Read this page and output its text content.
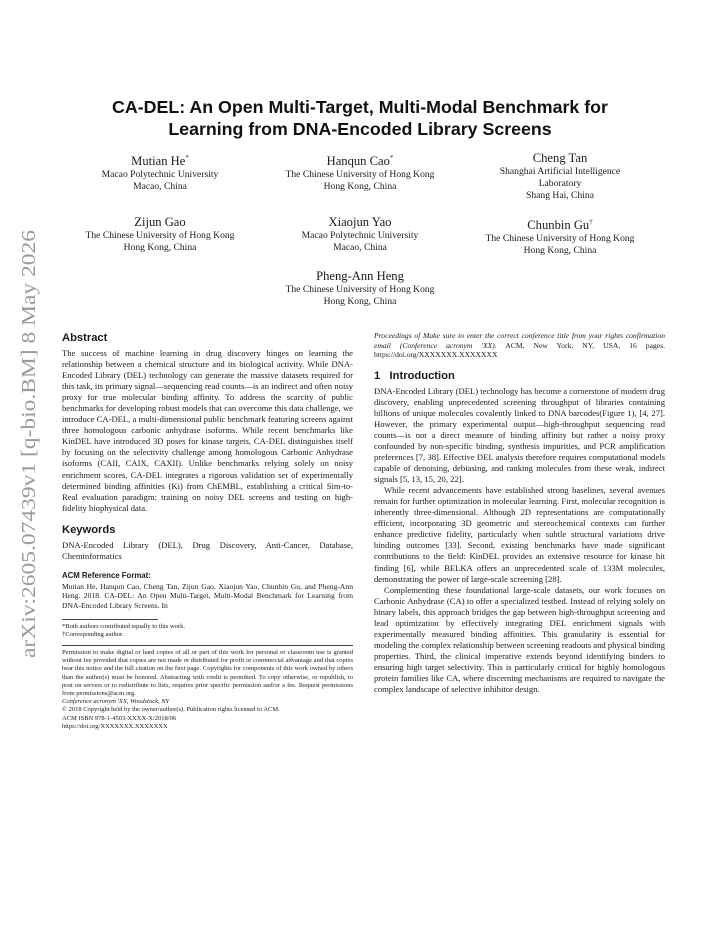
arXiv:2605.07439v1 [q-bio.BM] 8 May 2026
CA-DEL: An Open Multi-Target, Multi-Modal Benchmark for
Learning from DNA-Encoded Library Screens
Mutian He*
Macao Polytechnic University
Macao, China
Hanqun Cao*
The Chinese University of Hong Kong
Hong Kong, China
Cheng Tan
Shanghai Artificial Intelligence
Laboratory
Shang Hai, China
Zijun Gao
The Chinese University of Hong Kong
Hong Kong, China
Xiaojun Yao
Macao Polytechnic University
Macao, China
Chunbin Gu†
The Chinese University of Hong Kong
Hong Kong, China
Pheng-Ann Heng
The Chinese University of Hong Kong
Hong Kong, China
Abstract

The success of machine learning in drug discovery hinges on learning the relationship between a chemical structure and its biological activity. While DNA-Encoded Library (DEL) technology can generate the massive datasets required for this task, its primary signal—sequencing read counts—is an indirect and often noisy proxy for true molecular binding affinity. To address the scarcity of public benchmarks for developing robust models that can overcome this data challenge, we introduce CA-DEL, a multi-dimensional public benchmark featuring screens against three homologous carbonic anhydrase isoforms. While recent benchmarks like KinDEL have introduced 3D poses for kinase targets, CA-DEL distinguishes itself by focusing on the selectivity challenge among homologous Carbonic Anhydrase isoforms (CAII, CAIX, CAXII). Unlike benchmarks relying solely on noisy enrichment scores, CA-DEL integrates a rigorous validation set of experimentally determined binding affinities (Ki) from ChEMBL, establishing a critical Sim-to-Real evaluation paradigm: training on noisy DEL screens and testing on high-fidelity biophysical data.

Keywords

DNA-Encoded Library (DEL), Drug Discovery, Anti-Cancer, Database, Cheminformatics

ACM Reference Format:

Mutian He, Hanqun Cao, Cheng Tan, Zijun Gao, Xiaojun Yao, Chunbin Gu, and Pheng-Ann Heng. 2018. CA-DEL: An Open Multi-Target, Multi-Modal Benchmark for Learning from DNA-Encoded Library Screens. In

*Both authors contributed equally to this work.

†Corresponding author.

Permission to make digital or hard copies of all or part of this work for personal or classroom use is granted without fee provided that copies are not made or distributed for profit or commercial advantage and that copies bear this notice and the full citation on the first page. Copyrights for components of this work owned by others than the author(s) must be honored. Abstracting with credit is permitted. To copy otherwise, or republish, to post on servers or to redistribute to lists, requires prior specific permission and/or a fee. Request permissions from permissions@acm.org.

Conference acronym 'XX, Woodstock, NY

© 2018 Copyright held by the owner/author(s). Publication rights licensed to ACM.

ACM ISBN 978-1-4503-XXXX-X/2018/06

https://doi.org/XXXXXXX.XXXXXXX

Proceedings of Make sure to enter the correct conference title from your rights confirmation email (Conference acronym 'XX). ACM, New York, NY, USA, 16 pages. https://doi.org/XXXXXXX.XXXXXXX

1   Introduction

DNA-Encoded Library (DEL) technology has become a cornerstone of modern drug discovery, enabling unprecedented screening throughput of libraries containing billions of unique molecules covalently linked to DNA barcodes(Figure 1), [4, 27]. However, the primary experimental output—high-throughput sequencing read counts—is not a direct measure of binding affinity but rather a noisy proxy confounded by non-specific binding, synthesis impurities, and PCR amplification preferences [7, 38]. Effective DEL analysis therefore requires computational models capable of denoising, debiasing, and ranking molecules from these weak, indirect signals [5, 13, 15, 20, 22].

While recent advancements have established strong baselines, several avenues remain for further optimization in molecular learning. First, molecular recognition is inherently three-dimensional. Although 2D representations are computationally efficient, incorporating 3D geometric and stereochemical contexts can further enhance predictive fidelity, particularly when subtle structural variations drive binding outcomes [33]. Second, existing benchmarks have made significant contributions to the field: KinDEL provides an extensive resource for kinase hit finding [6], while BELKA offers an unprecedented scale of 133M molecules, demonstrating the power of large-scale screening [28].

Complementing these foundational large-scale datasets, our work focuses on Carbonic Anhydrase (CA) to offer a specialized testbed. Instead of relying solely on binary labels, this approach bridges the gap between high-throughput screening and lead optimization by effectively integrating DEL enrichment signals with experimentally measured binding affinities. This granularity is essential for modeling the complex relationship between screening readouts and physical binding properties. Third, the clinical imperative extends beyond identifying binders to ensuring high target selectivity. This is particularly critical for highly homologous protein families like CA, where discerning mechanisms are required to navigate the complex landscape of selective inhibitor design.
